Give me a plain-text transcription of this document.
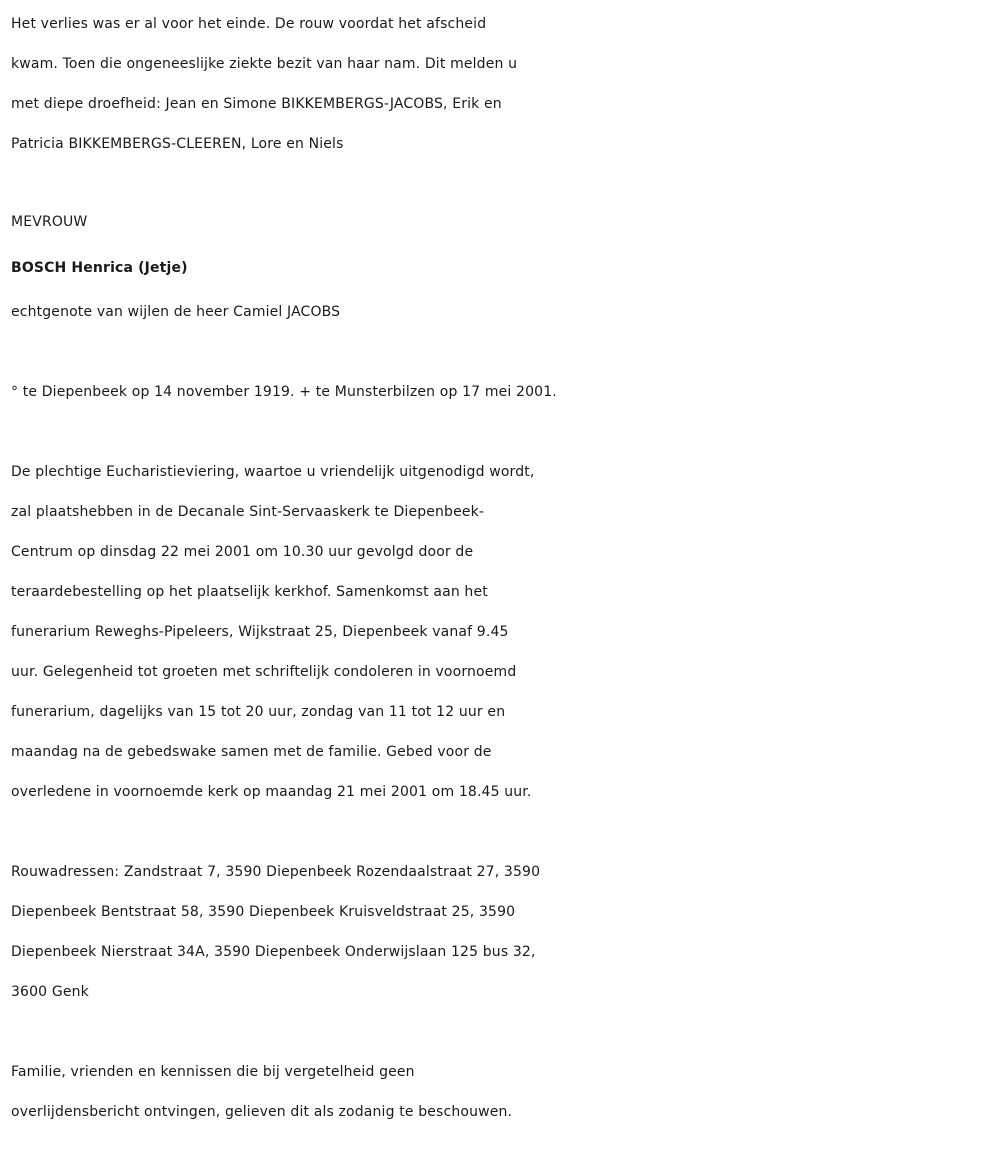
Het verlies was er al voor het einde. De rouw voordat het afscheid
kwam. Toen die ongeneeslijke ziekte bezit van haar nam. Dit melden u
met diepe droefheid: Jean en Simone BIKKEMBERGS-JACOBS, Erik en
Patricia BIKKEMBERGS-CLEEREN, Lore en Niels
MEVROUW
BOSCH Henrica (Jetje)
echtgenote van wijlen de heer Camiel JACOBS
° te Diepenbeek op 14 november 1919. + te Munsterbilzen op 17 mei 2001.
De plechtige Eucharistieviering, waartoe u vriendelijk uitgenodigd wordt,
zal plaatshebben in de Decanale Sint-Servaaskerk te Diepenbeek-
Centrum op dinsdag 22 mei 2001 om 10.30 uur gevolgd door de
teraardebestelling op het plaatselijk kerkhof. Samenkomst aan het
funerarium Reweghs-Pipeleers, Wijkstraat 25, Diepenbeek vanaf 9.45
uur. Gelegenheid tot groeten met schriftelijk condoleren in voornoemd
funerarium, dagelijks van 15 tot 20 uur, zondag van 11 tot 12 uur en
maandag na de gebedswake samen met de familie. Gebed voor de
overledene in voornoemde kerk op maandag 21 mei 2001 om 18.45 uur.
Rouwadressen: Zandstraat 7, 3590 Diepenbeek Rozendaalstraat 27, 3590
Diepenbeek Bentstraat 58, 3590 Diepenbeek Kruisveldstraat 25, 3590
Diepenbeek Nierstraat 34A, 3590 Diepenbeek Onderwijslaan 125 bus 32,
3600 Genk
Familie, vrienden en kennissen die bij vergetelheid geen
overlijdensbericht ontvingen, gelieven dit als zodanig te beschouwen.
